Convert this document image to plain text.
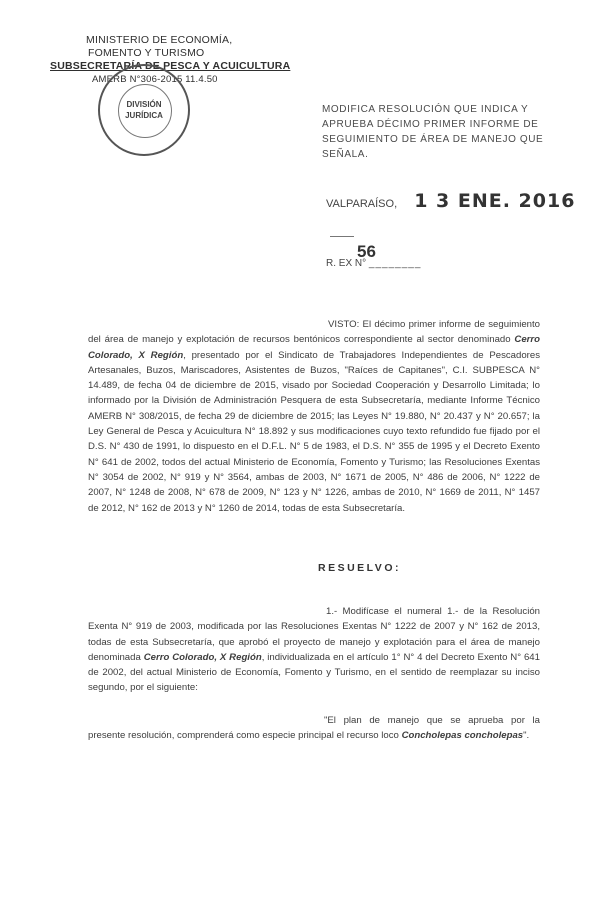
MINISTERIO DE ECONOMÍA,
FOMENTO Y TURISMO
SUBSECRETARÍA DE PESCA Y ACUICULTURA
AMERB N°306-2015 11.4.50
DIVISIÓN
JURÍDICA
MODIFICA RESOLUCIÓN QUE INDICA Y APRUEBA DÉCIMO PRIMER INFORME DE SEGUIMIENTO DE ÁREA DE MANEJO QUE SEÑALA.
VALPARAÍSO, 1 3 ENE. 2016
56
R. EX N° ________
VISTO: El décimo primer informe de seguimiento del área de manejo y explotación de recursos bentónicos correspondiente al sector denominado Cerro Colorado, X Región, presentado por el Sindicato de Trabajadores Independientes de Pescadores Artesanales, Buzos, Mariscadores, Asistentes de Buzos, "Raíces de Capitanes", C.I. SUBPESCA N° 14.489, de fecha 04 de diciembre de 2015, visado por Sociedad Cooperación y Desarrollo Limitada; lo informado por la División de Administración Pesquera de esta Subsecretaría, mediante Informe Técnico AMERB N° 308/2015, de fecha 29 de diciembre de 2015; las Leyes N° 19.880, N° 20.437 y N° 20.657; la Ley General de Pesca y Acuicultura N° 18.892 y sus modificaciones cuyo texto refundido fue fijado por el D.S. N° 430 de 1991, lo dispuesto en el D.F.L. N° 5 de 1983, el D.S. N° 355 de 1995 y el Decreto Exento N° 641 de 2002, todos del actual Ministerio de Economía, Fomento y Turismo; las Resoluciones Exentas N° 3054 de 2002, N° 919 y N° 3564, ambas de 2003, N° 1671 de 2005, N° 486 de 2006, N° 1222 de 2007, N° 1248 de 2008, N° 678 de 2009, N° 123 y N° 1226, ambas de 2010, N° 1669 de 2011, N° 1457 de 2012, N° 162 de 2013 y N° 1260 de 2014, todas de esta Subsecretaría.
RESUELVO:
1.- Modifícase el numeral 1.- de la Resolución Exenta N° 919 de 2003, modificada por las Resoluciones Exentas N° 1222 de 2007 y N° 162 de 2013, todas de esta Subsecretaría, que aprobó el proyecto de manejo y explotación para el área de manejo denominada Cerro Colorado, X Región, individualizada en el artículo 1° N° 4 del Decreto Exento N° 641 de 2002, del actual Ministerio de Economía, Fomento y Turismo, en el sentido de reemplazar su inciso segundo, por el siguiente:
"El plan de manejo que se aprueba por la presente resolución, comprenderá como especie principal el recurso loco Concholepas concholepas".
